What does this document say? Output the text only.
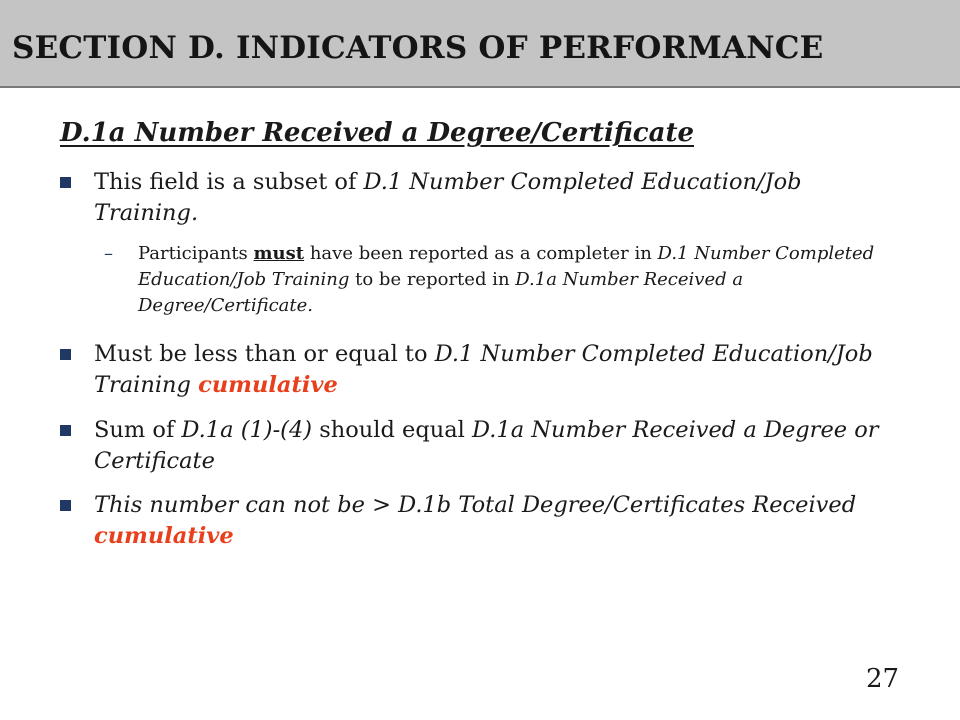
SECTION D. INDICATORS OF PERFORMANCE
D.1a Number Received a Degree/Certificate
This field is a subset of D.1 Number Completed Education/Job Training.
– Participants must have been reported as a completer in D.1 Number Completed Education/Job Training to be reported in D.1a Number Received a Degree/Certificate.
Must be less than or equal to D.1 Number Completed Education/Job Training cumulative
Sum of D.1a (1)-(4) should equal D.1a Number Received a Degree or Certificate
This number can not be > D.1b Total Degree/Certificates Received cumulative
27
